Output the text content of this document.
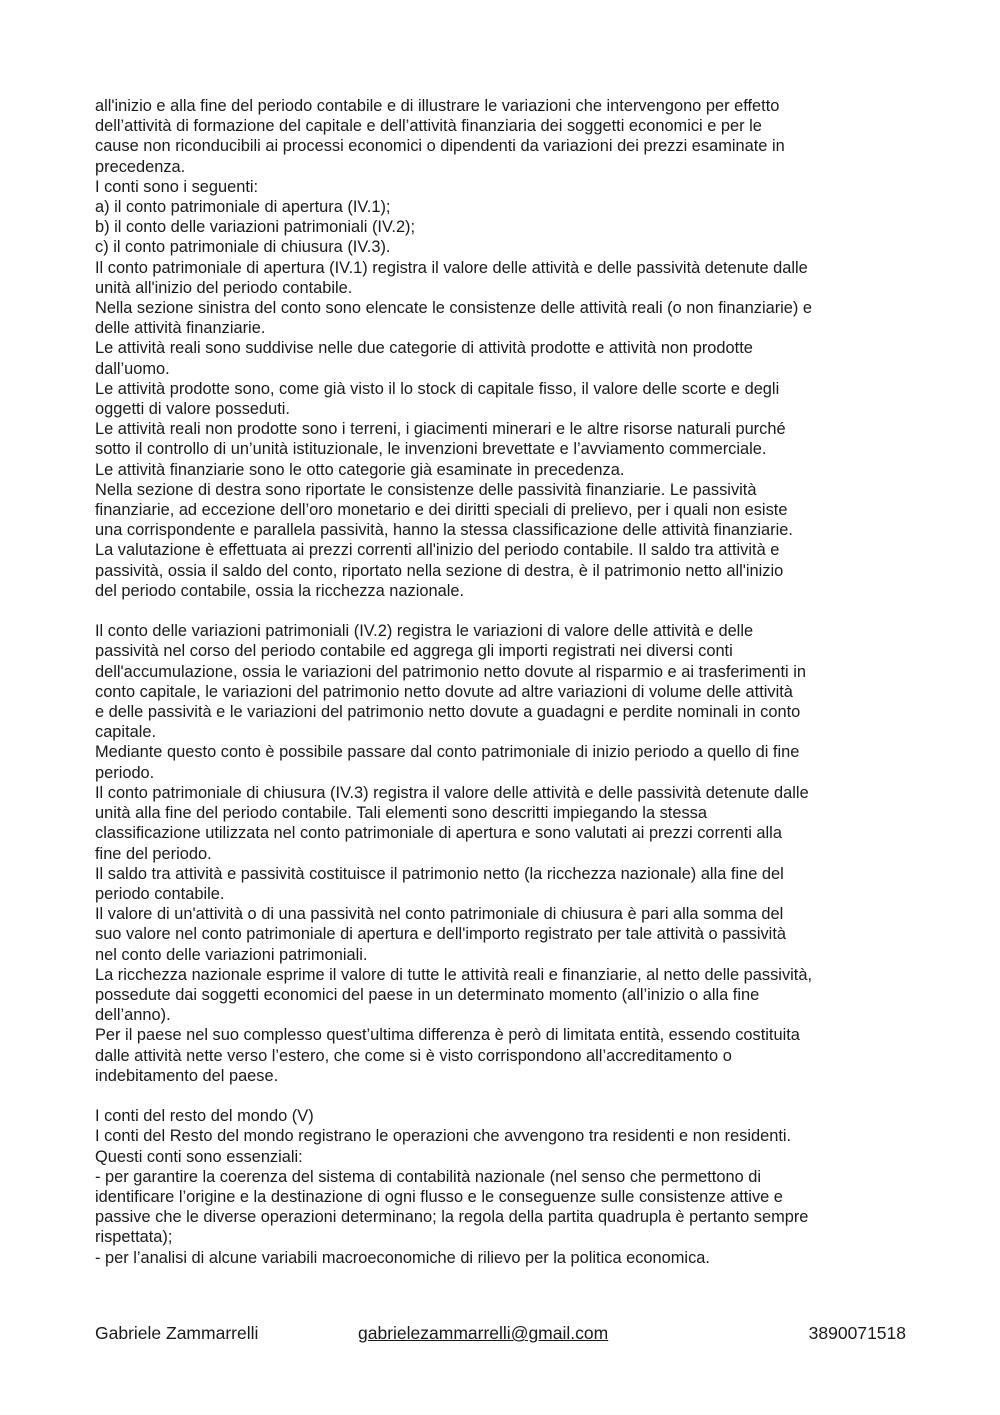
all'inizio e alla fine del periodo contabile e di illustrare le variazioni che intervengono per effetto
dell’attività di formazione del capitale e dell’attività finanziaria dei soggetti economici e per le
cause non riconducibili ai processi economici o dipendenti da variazioni dei prezzi esaminate in
precedenza.
I conti sono i seguenti:
a) il conto patrimoniale di apertura (IV.1);
b) il conto delle variazioni patrimoniali (IV.2);
c) il conto patrimoniale di chiusura (IV.3).
Il conto patrimoniale di apertura (IV.1) registra il valore delle attività e delle passività detenute dalle
unità all'inizio del periodo contabile.
Nella sezione sinistra del conto sono elencate le consistenze delle attività reali (o non finanziarie) e
delle attività finanziarie.
Le attività reali sono suddivise nelle due categorie di attività prodotte e attività non prodotte
dall’uomo.
Le attività prodotte sono, come già visto il lo stock di capitale fisso, il valore delle scorte e degli
oggetti di valore posseduti.
Le attività reali non prodotte sono i terreni, i giacimenti minerari e le altre risorse naturali purché
sotto il controllo di un’unità istituzionale, le invenzioni brevettate e l’avviamento commerciale.
Le attività finanziarie sono le otto categorie già esaminate in precedenza.
Nella sezione di destra sono riportate le consistenze delle passività finanziarie. Le passività
finanziarie, ad eccezione dell’oro monetario e dei diritti speciali di prelievo, per i quali non esiste
una corrispondente e parallela passività, hanno la stessa classificazione delle attività finanziarie.
La valutazione è effettuata ai prezzi correnti all'inizio del periodo contabile. Il saldo tra attività e
passività, ossia il saldo del conto, riportato nella sezione di destra, è il patrimonio netto all'inizio
del periodo contabile, ossia la ricchezza nazionale.
Il conto delle variazioni patrimoniali (IV.2) registra le variazioni di valore delle attività e delle
passività nel corso del periodo contabile ed aggrega gli importi registrati nei diversi conti
dell'accumulazione, ossia le variazioni del patrimonio netto dovute al risparmio e ai trasferimenti in
conto capitale, le variazioni del patrimonio netto dovute ad altre variazioni di volume delle attività
e delle passività e le variazioni del patrimonio netto dovute a guadagni e perdite nominali in conto
capitale.
Mediante questo conto è possibile passare dal conto patrimoniale di inizio periodo a quello di fine
periodo.
Il conto patrimoniale di chiusura (IV.3) registra il valore delle attività e delle passività detenute dalle
unità alla fine del periodo contabile. Tali elementi sono descritti impiegando la stessa
classificazione utilizzata nel conto patrimoniale di apertura e sono valutati ai prezzi correnti alla
fine del periodo.
Il saldo tra attività e passività costituisce il patrimonio netto (la ricchezza nazionale) alla fine del
periodo contabile.
Il valore di un'attività o di una passività nel conto patrimoniale di chiusura è pari alla somma del
suo valore nel conto patrimoniale di apertura e dell'importo registrato per tale attività o passività
nel conto delle variazioni patrimoniali.
La ricchezza nazionale esprime il valore di tutte le attività reali e finanziarie, al netto delle passività,
possedute dai soggetti economici del paese in un determinato momento (all’inizio o alla fine
dell’anno).
Per il paese nel suo complesso quest’ultima differenza è però di limitata entità, essendo costituita
dalle attività nette verso l’estero, che come si è visto corrispondono all’accreditamento o
indebitamento del paese.
I conti del resto del mondo (V)
I conti del Resto del mondo registrano le operazioni che avvengono tra residenti e non residenti.
Questi conti sono essenziali:
- per garantire la coerenza del sistema di contabilità nazionale (nel senso che permettono di
identificare l’origine e la destinazione di ogni flusso e le conseguenze sulle consistenze attive e
passive che le diverse operazioni determinano; la regola della partita quadrupla è pertanto sempre
rispettata);
- per l’analisi di alcune variabili macroeconomiche di rilievo per la politica economica.
Gabriele Zammarrelli	gabrielezammarrelli@gmail.com	3890071518
